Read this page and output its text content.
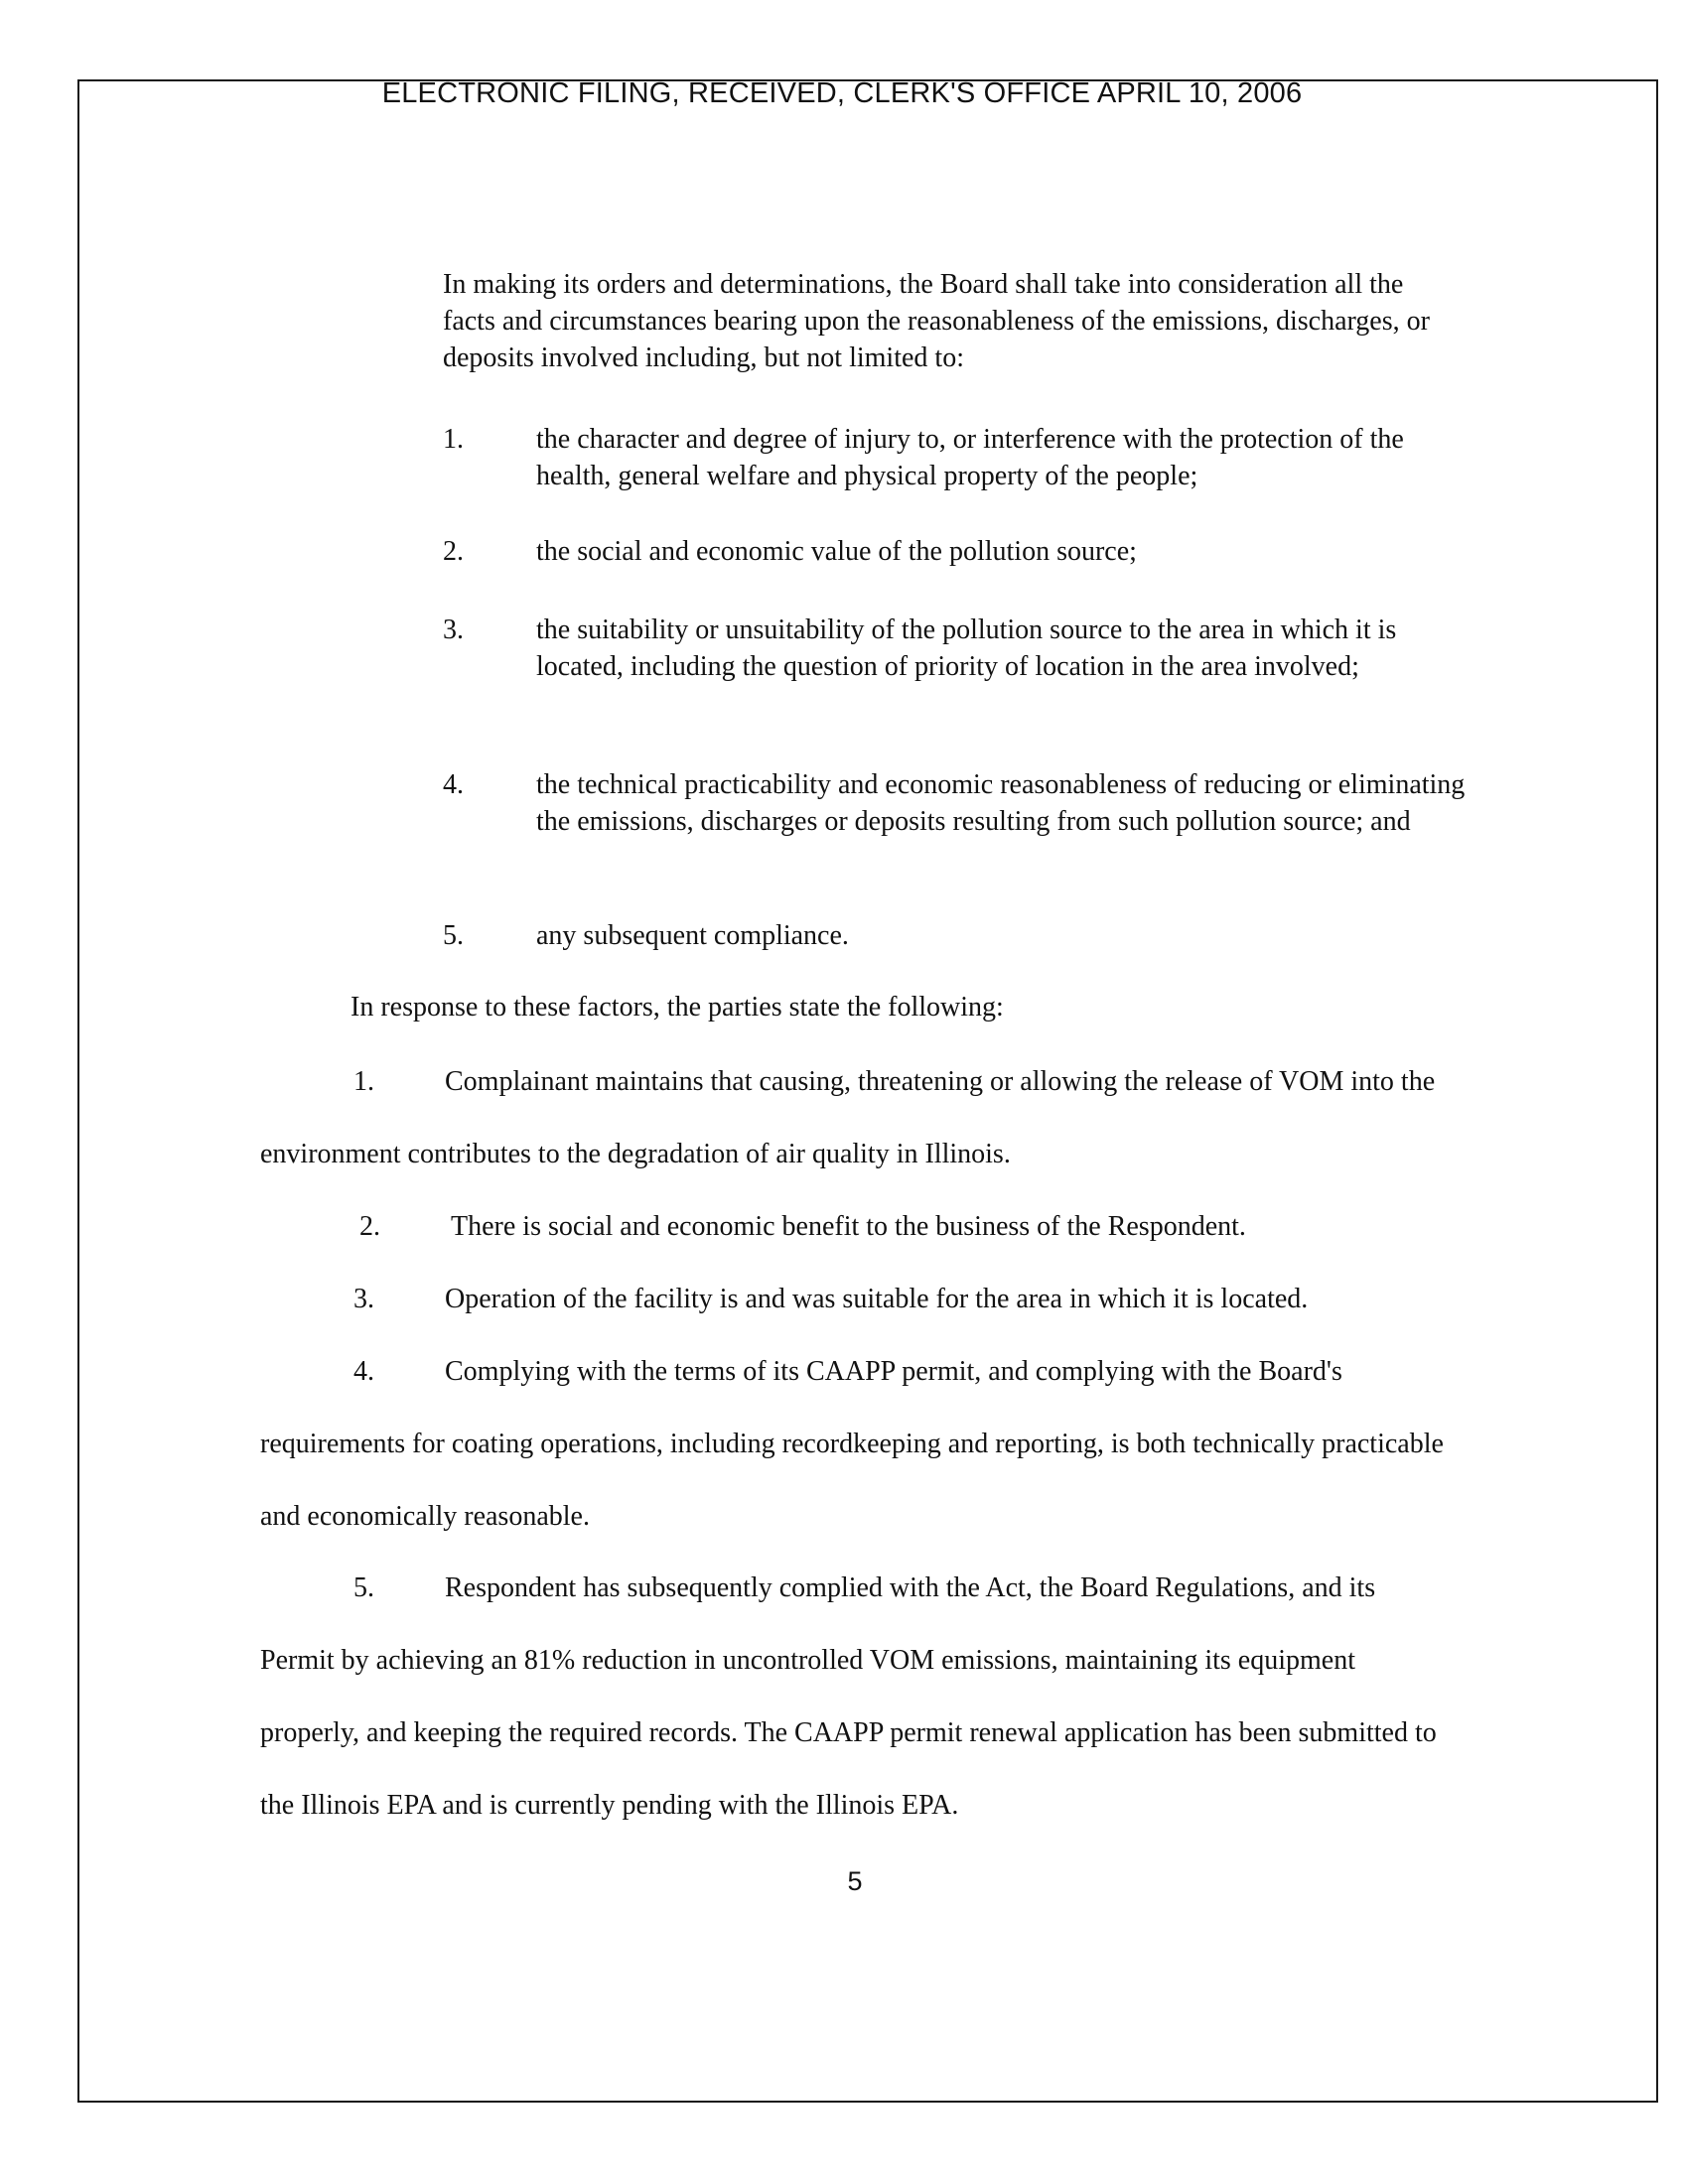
ELECTRONIC FILING, RECEIVED, CLERK'S OFFICE APRIL 10, 2006
In making its orders and determinations, the Board shall take into consideration all the facts and circumstances bearing upon the reasonableness of the emissions, discharges, or deposits involved including, but not limited to:
1.	the character and degree of injury to, or interference with the protection of the health, general welfare and physical property of the people;
2.	the social and economic value of the pollution source;
3.	the suitability or unsuitability of the pollution source to the area in which it is located, including the question of priority of location in the area involved;
4.	the technical practicability and economic reasonableness of reducing or eliminating the emissions, discharges or deposits resulting from such pollution source; and
5.	any subsequent compliance.
In response to these factors, the parties state the following:
1.	Complainant maintains that causing, threatening or allowing the release of VOM into the environment contributes to the degradation of air quality in Illinois.
2.	There is social and economic benefit to the business of the Respondent.
3.	Operation of the facility is and was suitable for the area in which it is located.
4.	Complying with the terms of its CAAPP permit, and complying with the Board's requirements for coating operations, including recordkeeping and reporting, is both technically practicable and economically reasonable.
5.	Respondent has subsequently complied with the Act, the Board Regulations, and its Permit by achieving an 81% reduction in uncontrolled VOM emissions, maintaining its equipment properly, and keeping the required records. The CAAPP permit renewal application has been submitted to the Illinois EPA and is currently pending with the Illinois EPA.
5
